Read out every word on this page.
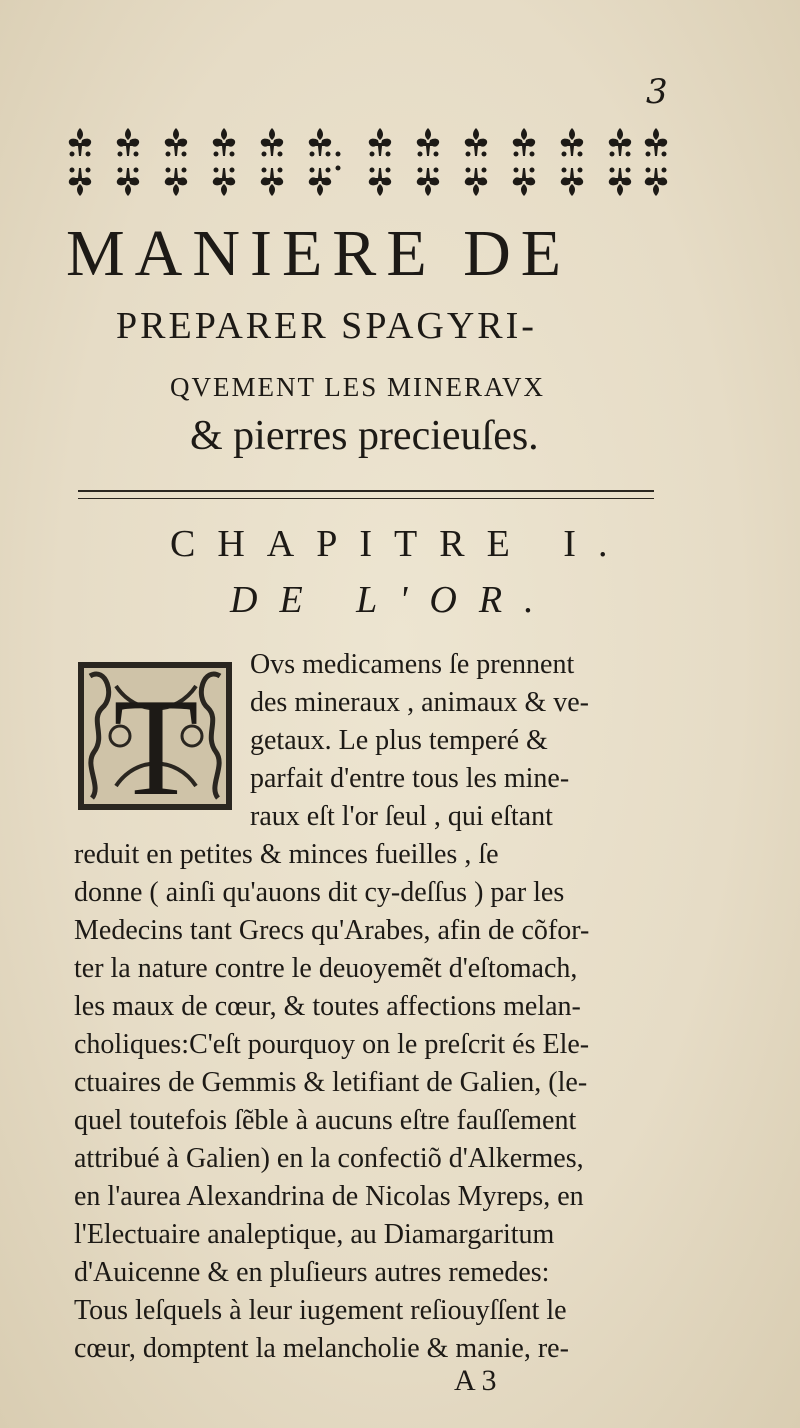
3
MANIERE DE
PREPARER SPAGYRI-
QVEMENT LES MINERAVX
& pierres precieuſes.
CHAPITRE I.
DE L'OR.
T
Ovs medicamens ſe prennent
des mineraux , animaux & ve-
getaux. Le plus temperé &
parfait d'entre tous les mine-
raux eſt l'or ſeul , qui eſtant
reduit en petites & minces fueilles , ſe
donne ( ainſi qu'auons dit cy-deſſus ) par les
Medecins tant Grecs qu'Arabes, afin de cõfor-
ter la nature contre le deuoyemẽt d'eſtomach,
les maux de cœur, & toutes affections melan-
choliques:C'eſt pourquoy on le preſcrit és Ele-
ctuaires de Gemmis & letifiant de Galien, (le-
quel toutefois ſẽble à aucuns eſtre fauſſement
attribué à Galien) en la confectiõ d'Alkermes,
en l'aurea Alexandrina de Nicolas Myreps, en
l'Electuaire analeptique, au Diamargaritum
d'Auicenne & en pluſieurs autres remedes:
Tous leſquels à leur iugement reſiouyſſent le
cœur, domptent la melancholie & manie, re-
A 3
